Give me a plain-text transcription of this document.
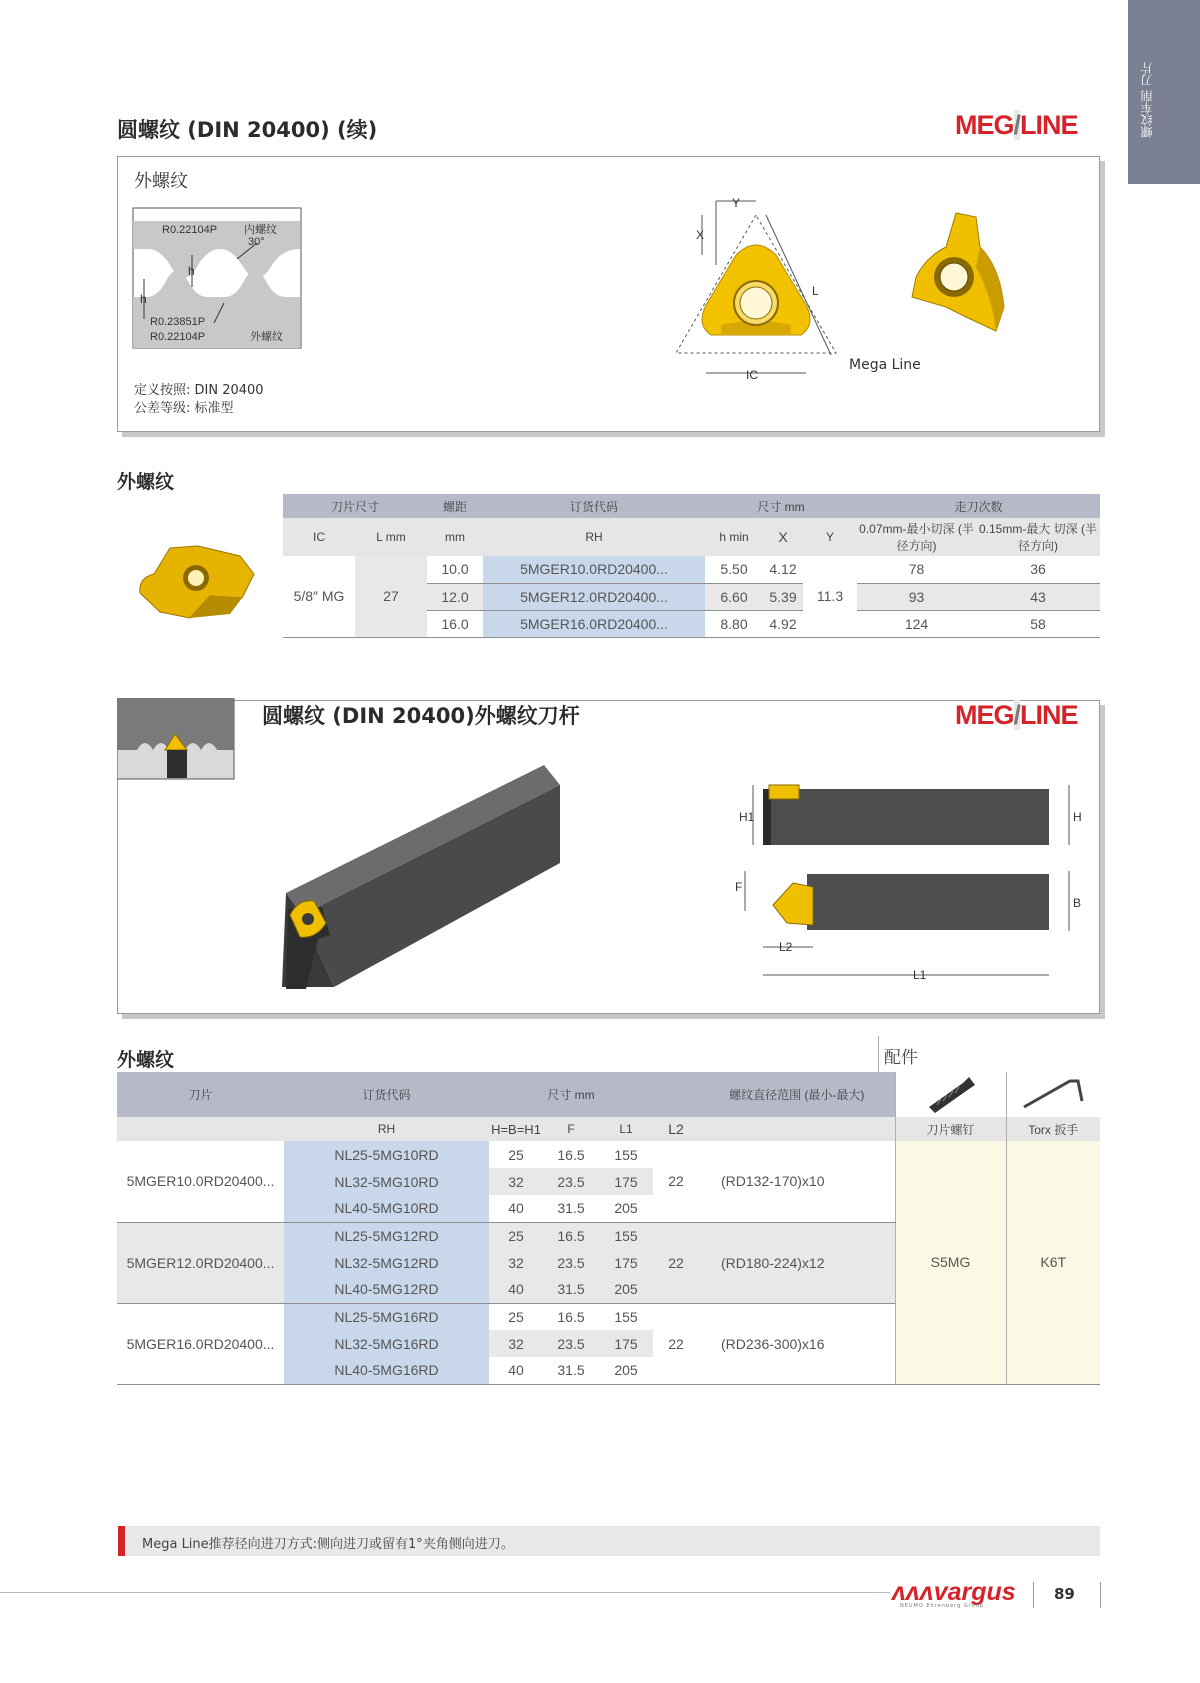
螺纹车削 刀片
圆螺纹 (DIN 20400) (续)	MEG/LINE
外螺纹
R0.22104P 内螺纹
30°
h
h
R0.23851P
R0.22104P	外螺纹
定义按照: DIN 20400
公差等级: 标准型
Y
X
L
IC
Mega Line
外螺纹
刀片尺寸		螺距	订货代码	尺寸 mm			走刀次数	
IC	L mm	mm	RH	h min	X	Y	0.07mm-最小切深 (半径方向)	0.15mm-最大 切深 (半径方向)
5/8″ MG	27	10.0	5MGER10.0RD20400...	5.50	4.12	11.3	78	36
		12.0	5MGER12.0RD20400...	6.60	5.39		93	43
		16.0	5MGER16.0RD20400...	8.80	4.92		124	58
H1	H
F
B
L2
L1
圆螺纹 (DIN 20400)外螺纹刀杆	MEG/LINE
外螺纹	配件
刀片	订货代码	尺寸 mm				螺纹直径范围 (最小-最大)		
	RH	H=B=H1	F	L1	L2		刀片螺钉	Torx 扳手
5MGER10.0RD20400...	NL25-5MG10RD	25	16.5	155	22	(RD132-170)x10	S5MG	K6T
	NL32-5MG10RD	32	23.5	175				
	NL40-5MG10RD	40	31.5	205				
5MGER12.0RD20400...	NL25-5MG12RD	25	16.5	155	22	(RD180-224)x12		
	NL32-5MG12RD	32	23.5	175				
	NL40-5MG12RD	40	31.5	205				
5MGER16.0RD20400...	NL25-5MG16RD	25	16.5	155	22	(RD236-300)x16		
	NL32-5MG16RD	32	23.5	175				
	NL40-5MG16RD	40	31.5	205				
Mega Line推荐径向进刀方式:侧向进刀或留有1°夹角侧向进刀。
ʌʌʌvargus
NEUMO Ehrenberg Group
89
